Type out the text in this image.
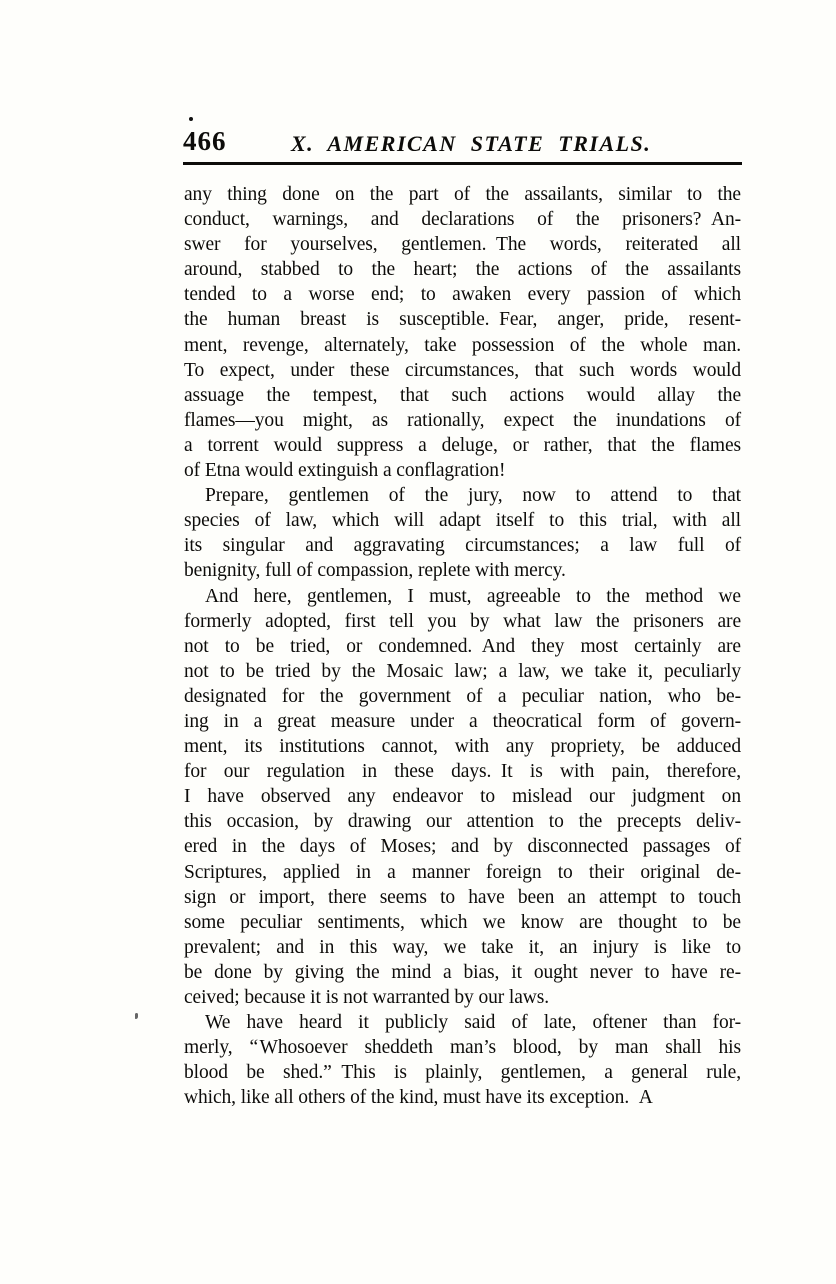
466	X. AMERICAN STATE TRIALS.
any thing done on the part of the assailants, similar to the
conduct, warnings, and declarations of the prisoners? An-
swer for yourselves, gentlemen. The words, reiterated all
around, stabbed to the heart; the actions of the assailants
tended to a worse end; to awaken every passion of which
the human breast is susceptible. Fear, anger, pride, resent-
ment, revenge, alternately, take possession of the whole man.
To expect, under these circumstances, that such words would
assuage the tempest, that such actions would allay the
flames—you might, as rationally, expect the inundations of
a torrent would suppress a deluge, or rather, that the flames
of Etna would extinguish a conflagration!
Prepare, gentlemen of the jury, now to attend to that
species of law, which will adapt itself to this trial, with all
its singular and aggravating circumstances; a law full of
benignity, full of compassion, replete with mercy.
And here, gentlemen, I must, agreeable to the method we
formerly adopted, first tell you by what law the prisoners are
not to be tried, or condemned. And they most certainly are
not to be tried by the Mosaic law; a law, we take it, peculiarly
designated for the government of a peculiar nation, who be-
ing in a great measure under a theocratical form of govern-
ment, its institutions cannot, with any propriety, be adduced
for our regulation in these days. It is with pain, therefore,
I have observed any endeavor to mislead our judgment on
this occasion, by drawing our attention to the precepts deliv-
ered in the days of Moses; and by disconnected passages of
Scriptures, applied in a manner foreign to their original de-
sign or import, there seems to have been an attempt to touch
some peculiar sentiments, which we know are thought to be
prevalent; and in this way, we take it, an injury is like to
be done by giving the mind a bias, it ought never to have re-
ceived; because it is not warranted by our laws.
We have heard it publicly said of late, oftener than for-
merly, “ Whosoever sheddeth man’s blood, by man shall his
blood be shed.” This is plainly, gentlemen, a general rule,
which, like all others of the kind, must have its exception. A
